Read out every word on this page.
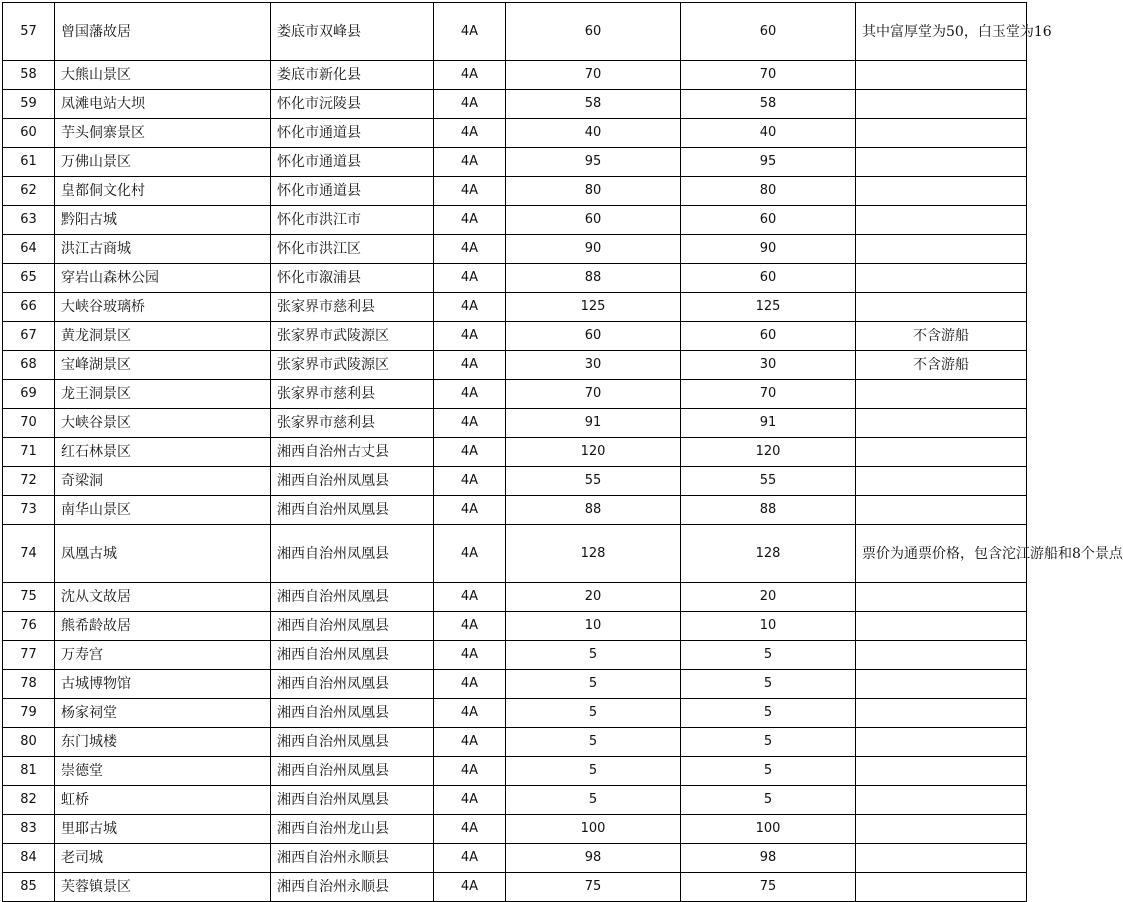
57	曾国藩故居	娄底市双峰县	4A	60	60	其中富厚堂为50，白玉堂为16
58	大熊山景区	娄底市新化县	4A	70	70	
59	凤滩电站大坝	怀化市沅陵县	4A	58	58	
60	芋头侗寨景区	怀化市通道县	4A	40	40	
61	万佛山景区	怀化市通道县	4A	95	95	
62	皇都侗文化村	怀化市通道县	4A	80	80	
63	黔阳古城	怀化市洪江市	4A	60	60	
64	洪江古商城	怀化市洪江区	4A	90	90	
65	穿岩山森林公园	怀化市溆浦县	4A	88	60	
66	大峡谷玻璃桥	张家界市慈利县	4A	125	125	
67	黄龙洞景区	张家界市武陵源区	4A	60	60	不含游船
68	宝峰湖景区	张家界市武陵源区	4A	30	30	不含游船
69	龙王洞景区	张家界市慈利县	4A	70	70	
70	大峡谷景区	张家界市慈利县	4A	91	91	
71	红石林景区	湘西自治州古丈县	4A	120	120	
72	奇梁洞	湘西自治州凤凰县	4A	55	55	
73	南华山景区	湘西自治州凤凰县	4A	88	88	
74	凤凰古城	湘西自治州凤凰县	4A	128	128	票价为通票价格，包含沱江游船和8个景点
75	沈从文故居	湘西自治州凤凰县	4A	20	20	
76	熊希龄故居	湘西自治州凤凰县	4A	10	10	
77	万寿宫	湘西自治州凤凰县	4A	5	5	
78	古城博物馆	湘西自治州凤凰县	4A	5	5	
79	杨家祠堂	湘西自治州凤凰县	4A	5	5	
80	东门城楼	湘西自治州凤凰县	4A	5	5	
81	崇德堂	湘西自治州凤凰县	4A	5	5	
82	虹桥	湘西自治州凤凰县	4A	5	5	
83	里耶古城	湘西自治州龙山县	4A	100	100	
84	老司城	湘西自治州永顺县	4A	98	98	
85	芙蓉镇景区	湘西自治州永顺县	4A	75	75	
